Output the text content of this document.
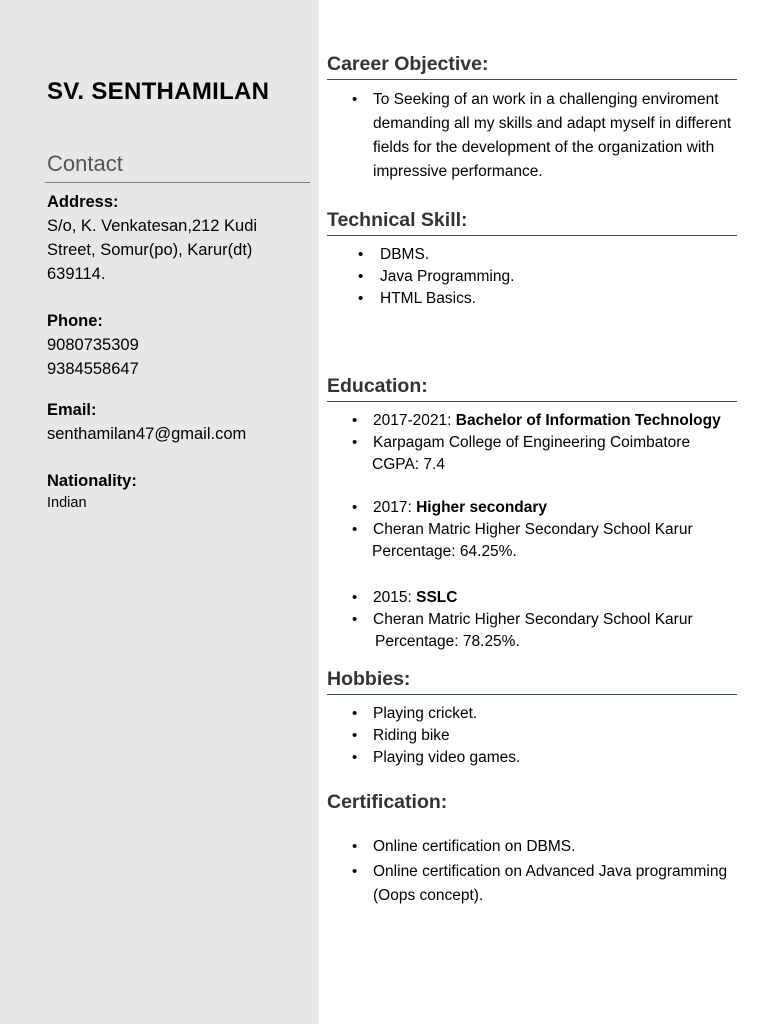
SV. SENTHAMILAN
Contact
Address:
S/o, K. Venkatesan,212 Kudi
Street, Somur(po), Karur(dt)
639114.
Phone:
9080735309
9384558647
Email:
senthamilan47@gmail.com
Nationality:
Indian
Career Objective:
• To Seeking of an work in a challenging enviroment demanding all my skills and adapt myself in different fields for the development of the organization with impressive performance.
Technical Skill:
• DBMS.
• Java Programming.
• HTML Basics.
Education:
• 2017-2021: Bachelor of Information Technology
• Karpagam College of Engineering Coimbatore
CGPA: 7.4
• 2017: Higher secondary
• Cheran Matric Higher Secondary School Karur
Percentage: 64.25%.
• 2015: SSLC
• Cheran Matric Higher Secondary School Karur
Percentage: 78.25%.
Hobbies:
• Playing cricket.
• Riding bike
• Playing video games.
Certification:
• Online certification on DBMS.
• Online certification on Advanced Java programming (Oops concept).
